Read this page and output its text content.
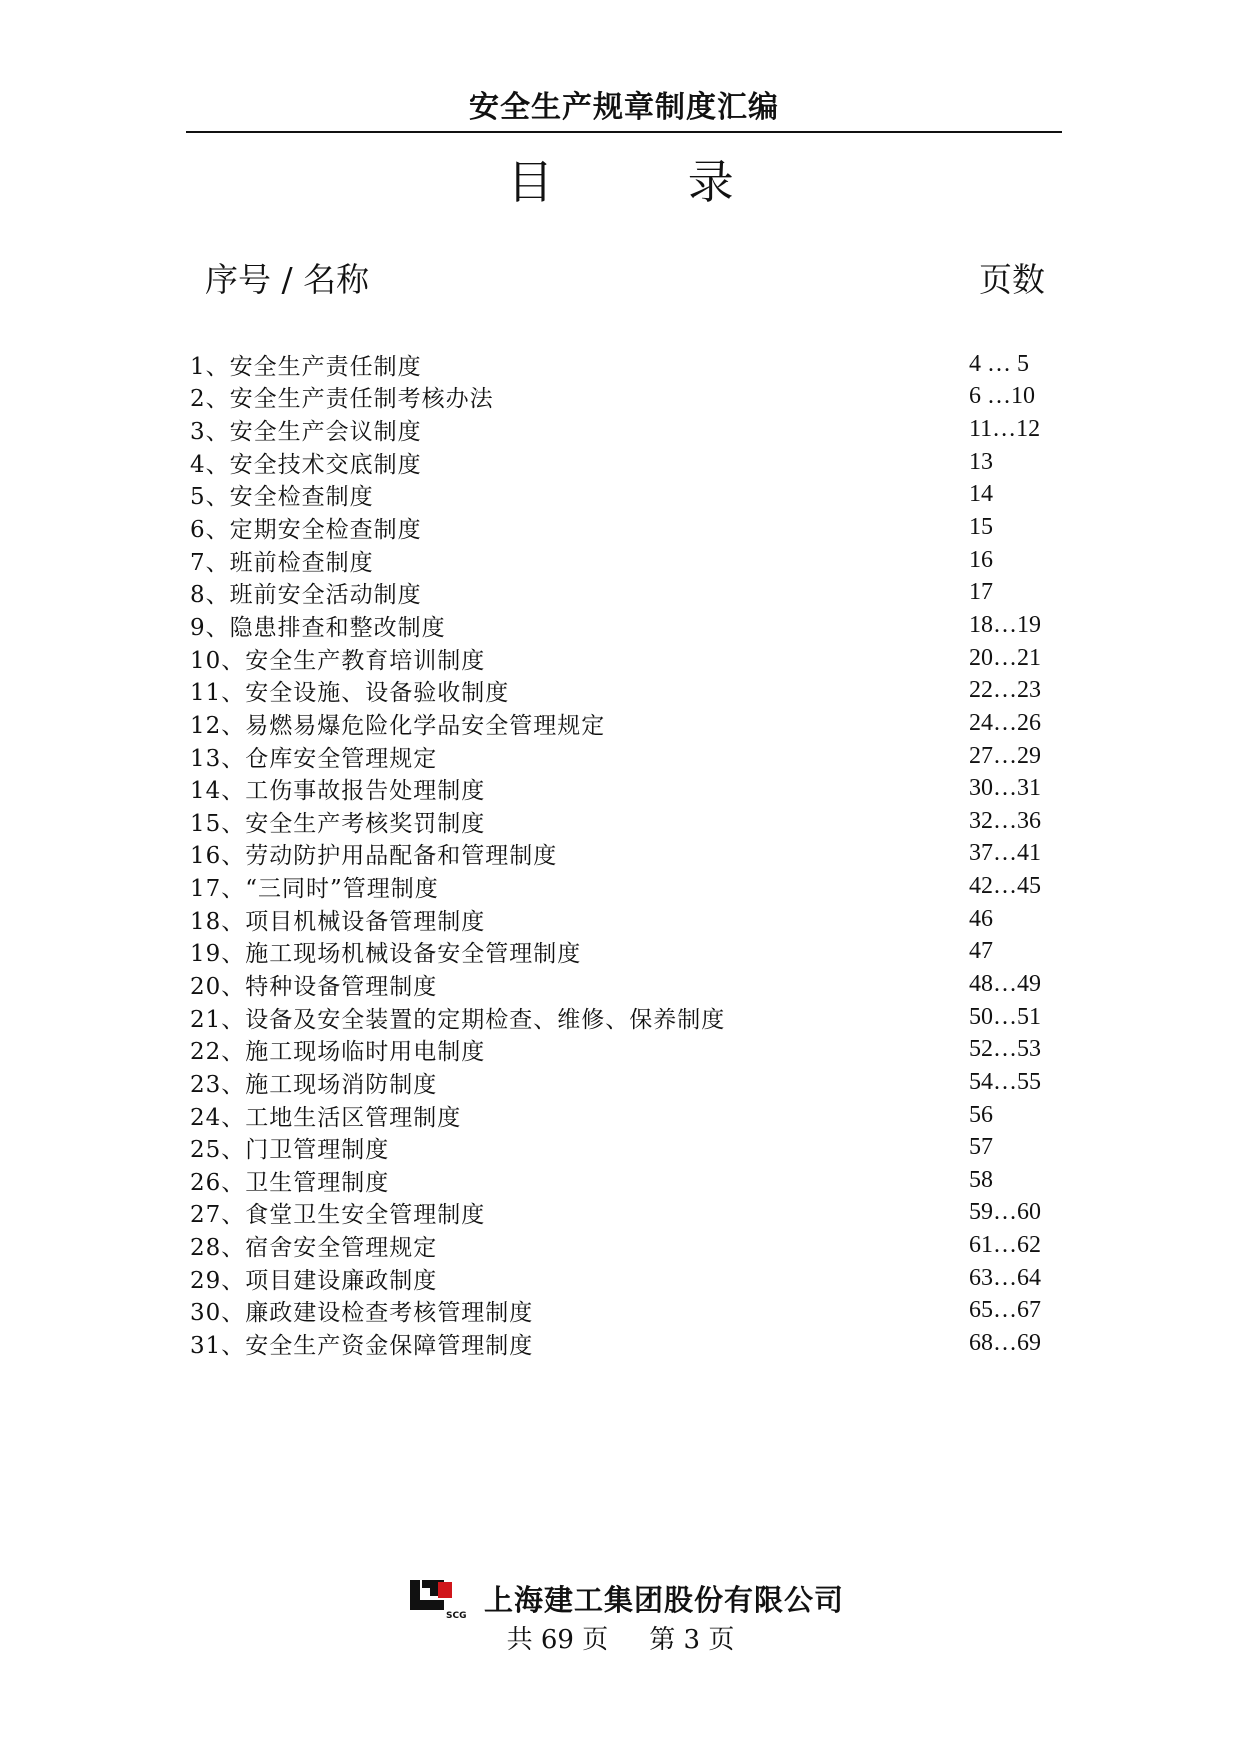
安全生产规章制度汇编
目 录
序号 / 名称	页数
1、安全生产责任制度	4 … 5
2、安全生产责任制考核办法	6 …10
3、安全生产会议制度	11…12
4、安全技术交底制度	13
5、安全检查制度	14
6、定期安全检查制度	15
7、班前检查制度	16
8、班前安全活动制度	17
9、隐患排查和整改制度	18…19
10、安全生产教育培训制度	20…21
11、安全设施、设备验收制度	22…23
12、易燃易爆危险化学品安全管理规定	24…26
13、仓库安全管理规定	27…29
14、工伤事故报告处理制度	30…31
15、安全生产考核奖罚制度	32…36
16、劳动防护用品配备和管理制度	37…41
17、“三同时”管理制度	42…45
18、项目机械设备管理制度	46
19、施工现场机械设备安全管理制度	47
20、特种设备管理制度	48…49
21、设备及安全装置的定期检查、维修、保养制度	50…51
22、施工现场临时用电制度	52…53
23、施工现场消防制度	54…55
24、工地生活区管理制度	56
25、门卫管理制度	57
26、卫生管理制度	58
27、食堂卫生安全管理制度	59…60
28、宿舍安全管理规定	61…62
29、项目建设廉政制度	63…64
30、廉政建设检查考核管理制度	65…67
31、安全生产资金保障管理制度	68…69
SCG 上海建工集团股份有限公司
共 69 页 第 3 页
